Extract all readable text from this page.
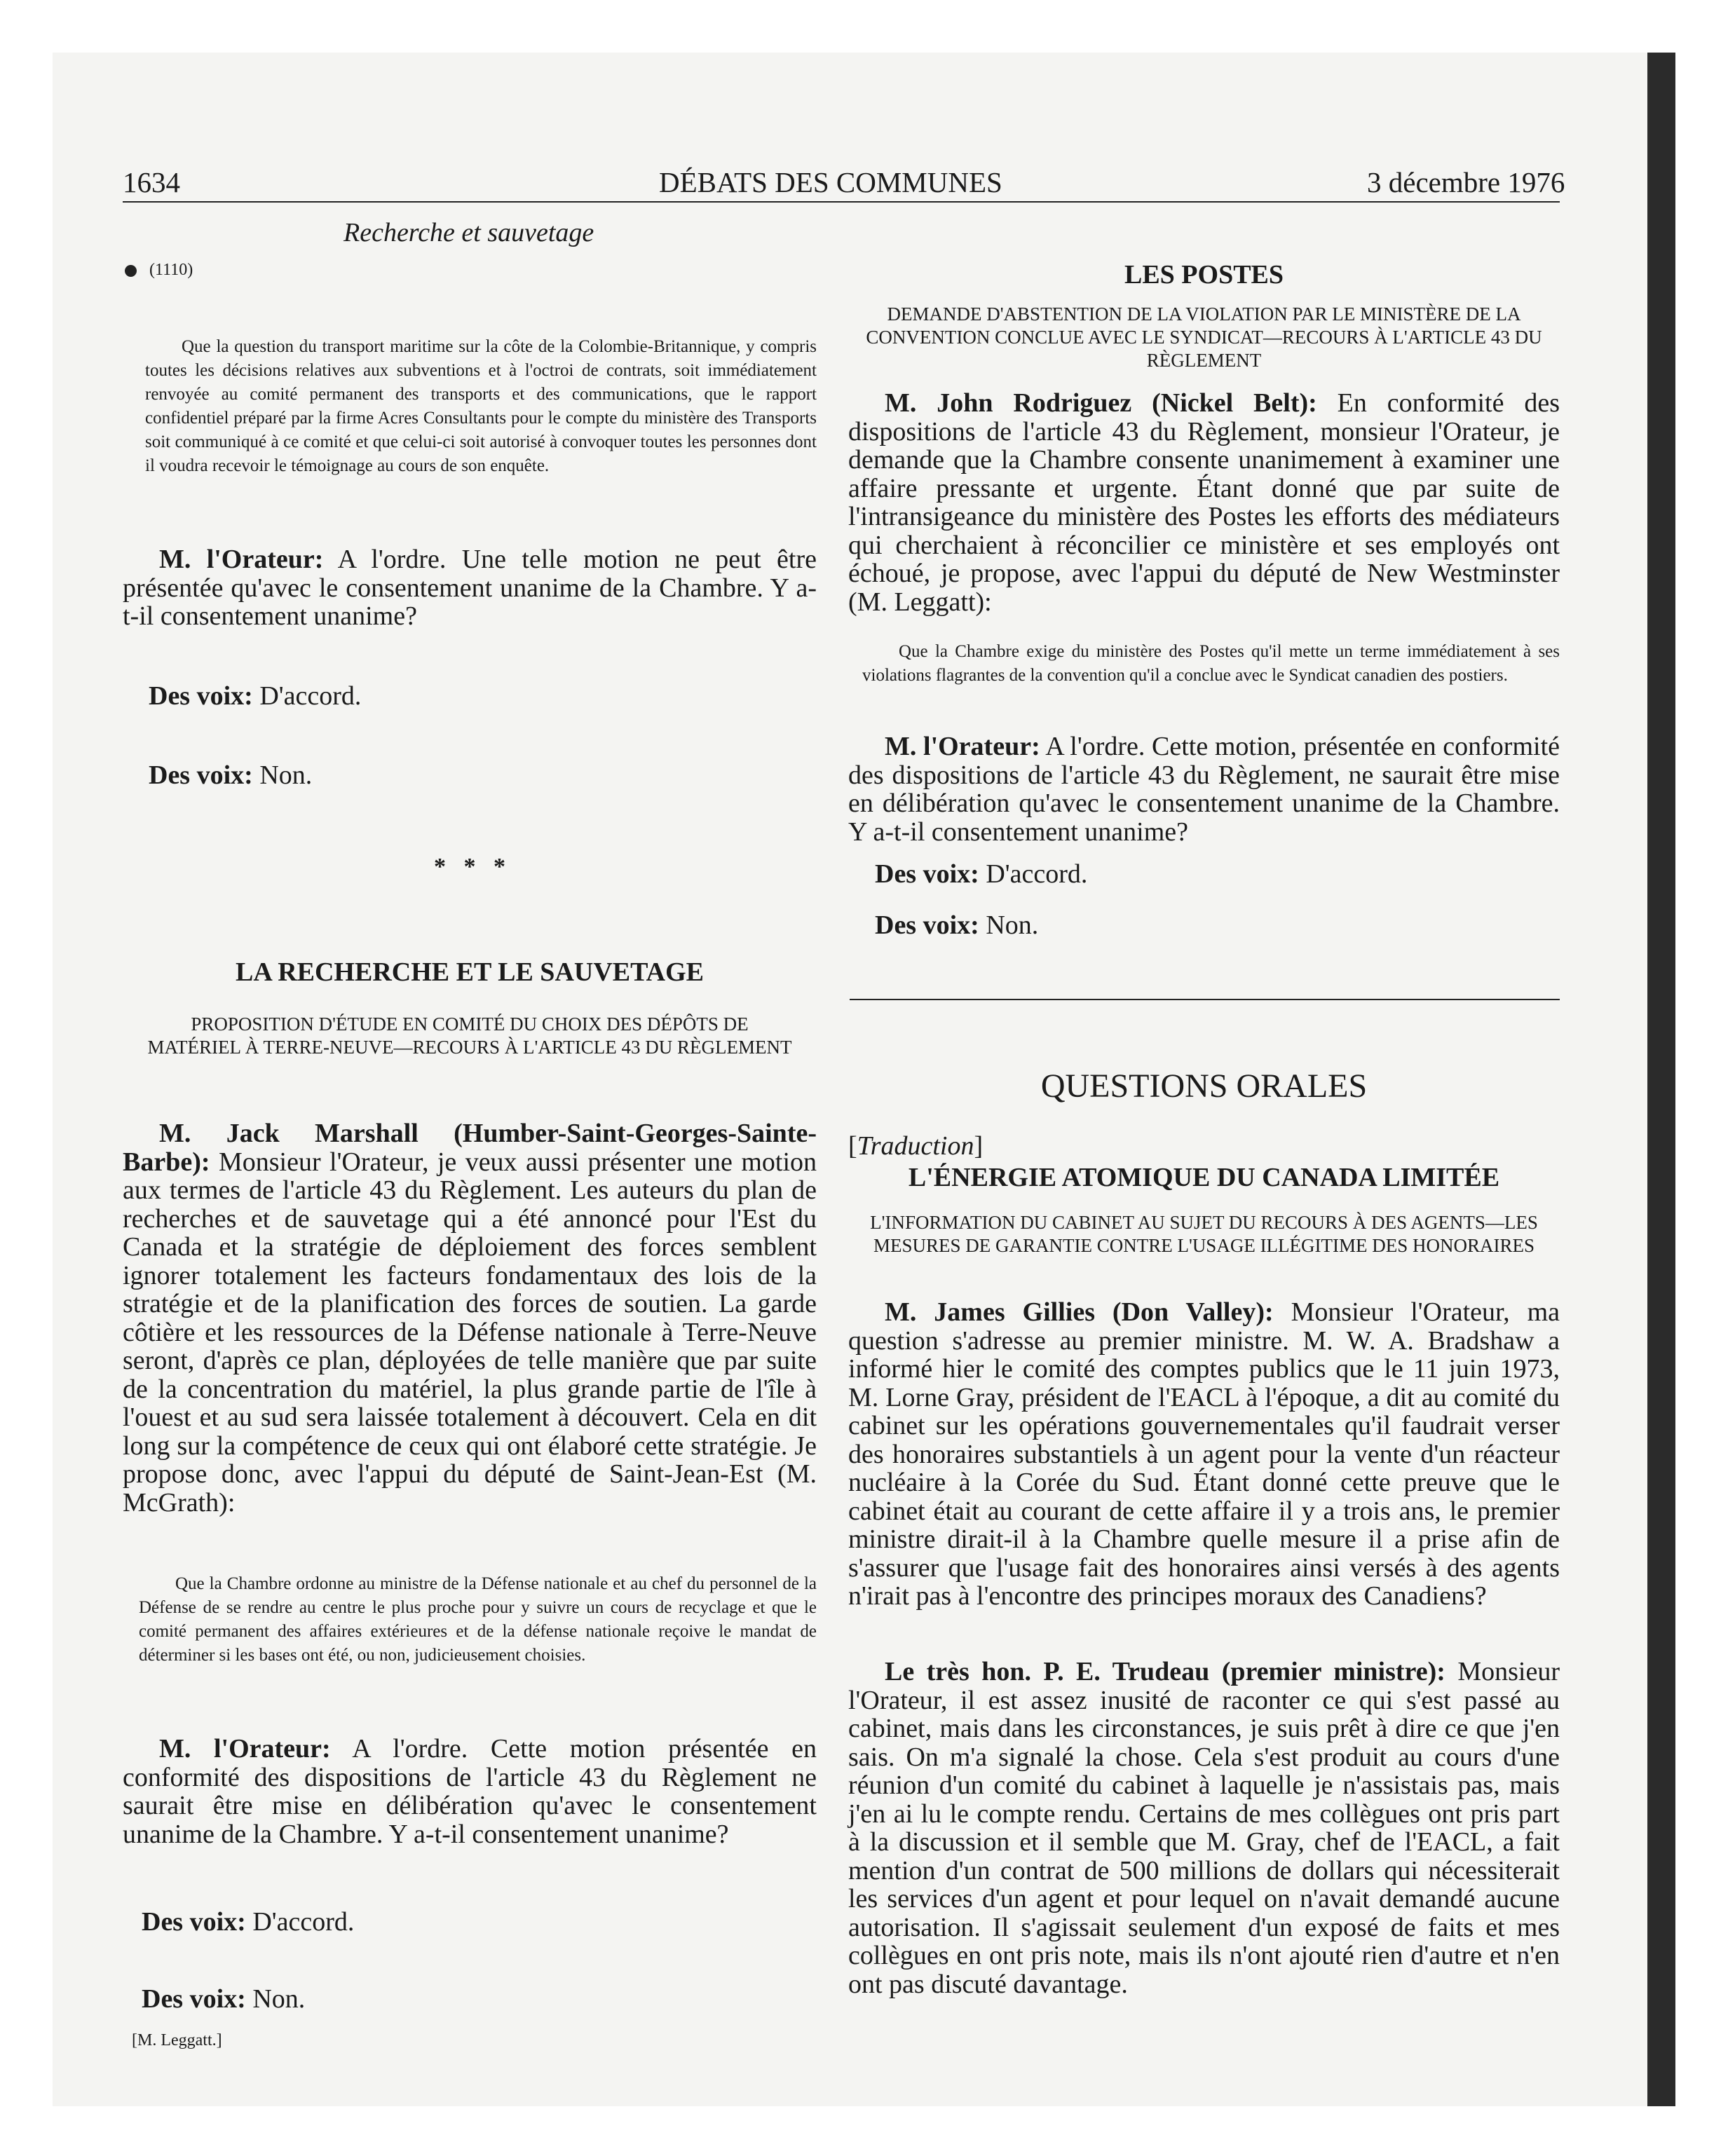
1634	DÉBATS DES COMMUNES	3 décembre 1976
Recherche et sauvetage
(1110)

Que la question du transport maritime sur la côte de la Colombie-Britannique, y compris toutes les décisions relatives aux subventions et à l'octroi de contrats, soit immédiatement renvoyée au comité permanent des transports et des communications, que le rapport confidentiel préparé par la firme Acres Consultants pour le compte du ministère des Transports soit communiqué à ce comité et que celui-ci soit autorisé à convoquer toutes les personnes dont il voudra recevoir le témoignage au cours de son enquête.

M. l'Orateur: A l'ordre. Une telle motion ne peut être présentée qu'avec le consentement unanime de la Chambre. Y a-t-il consentement unanime?

Des voix: D'accord.

Des voix: Non.

*   *   *

LA RECHERCHE ET LE SAUVETAGE

PROPOSITION D'ÉTUDE EN COMITÉ DU CHOIX DES DÉPÔTS DE MATÉRIEL À TERRE-NEUVE—RECOURS À L'ARTICLE 43 DU RÈGLEMENT

M. Jack Marshall (Humber-Saint-Georges-Sainte-Barbe): Monsieur l'Orateur, je veux aussi présenter une motion aux termes de l'article 43 du Règlement. Les auteurs du plan de recherches et de sauvetage qui a été annoncé pour l'Est du Canada et la stratégie de déploiement des forces semblent ignorer totalement les facteurs fondamentaux des lois de la stratégie et de la planification des forces de soutien. La garde côtière et les ressources de la Défense nationale à Terre-Neuve seront, d'après ce plan, déployées de telle manière que par suite de la concentration du matériel, la plus grande partie de l'île à l'ouest et au sud sera laissée totalement à découvert. Cela en dit long sur la compétence de ceux qui ont élaboré cette stratégie. Je propose donc, avec l'appui du député de Saint-Jean-Est (M. McGrath):

Que la Chambre ordonne au ministre de la Défense nationale et au chef du personnel de la Défense de se rendre au centre le plus proche pour y suivre un cours de recyclage et que le comité permanent des affaires extérieures et de la défense nationale reçoive le mandat de déterminer si les bases ont été, ou non, judicieusement choisies.

M. l'Orateur: A l'ordre. Cette motion présentée en conformité des dispositions de l'article 43 du Règlement ne saurait être mise en délibération qu'avec le consentement unanime de la Chambre. Y a-t-il consentement unanime?

Des voix: D'accord.

Des voix: Non.

[M. Leggatt.]

LES POSTES

DEMANDE D'ABSTENTION DE LA VIOLATION PAR LE MINISTÈRE DE LA CONVENTION CONCLUE AVEC LE SYNDICAT—RECOURS À L'ARTICLE 43 DU RÈGLEMENT

M. John Rodriguez (Nickel Belt): En conformité des dispositions de l'article 43 du Règlement, monsieur l'Orateur, je demande que la Chambre consente unanimement à examiner une affaire pressante et urgente. Étant donné que par suite de l'intransigeance du ministère des Postes les efforts des médiateurs qui cherchaient à réconcilier ce ministère et ses employés ont échoué, je propose, avec l'appui du député de New Westminster (M. Leggatt):

Que la Chambre exige du ministère des Postes qu'il mette un terme immédiatement à ses violations flagrantes de la convention qu'il a conclue avec le Syndicat canadien des postiers.

M. l'Orateur: A l'ordre. Cette motion, présentée en conformité des dispositions de l'article 43 du Règlement, ne saurait être mise en délibération qu'avec le consentement unanime de la Chambre. Y a-t-il consentement unanime?

Des voix: D'accord.

Des voix: Non.

QUESTIONS ORALES

[Traduction]

L'ÉNERGIE ATOMIQUE DU CANADA LIMITÉE

L'INFORMATION DU CABINET AU SUJET DU RECOURS À DES AGENTS—LES MESURES DE GARANTIE CONTRE L'USAGE ILLÉGITIME DES HONORAIRES

M. James Gillies (Don Valley): Monsieur l'Orateur, ma question s'adresse au premier ministre. M. W. A. Bradshaw a informé hier le comité des comptes publics que le 11 juin 1973, M. Lorne Gray, président de l'EACL à l'époque, a dit au comité du cabinet sur les opérations gouvernementales qu'il faudrait verser des honoraires substantiels à un agent pour la vente d'un réacteur nucléaire à la Corée du Sud. Étant donné cette preuve que le cabinet était au courant de cette affaire il y a trois ans, le premier ministre dirait-il à la Chambre quelle mesure il a prise afin de s'assurer que l'usage fait des honoraires ainsi versés à des agents n'irait pas à l'encontre des principes moraux des Canadiens?

Le très hon. P. E. Trudeau (premier ministre): Monsieur l'Orateur, il est assez inusité de raconter ce qui s'est passé au cabinet, mais dans les circonstances, je suis prêt à dire ce que j'en sais. On m'a signalé la chose. Cela s'est produit au cours d'une réunion d'un comité du cabinet à laquelle je n'assistais pas, mais j'en ai lu le compte rendu. Certains de mes collègues ont pris part à la discussion et il semble que M. Gray, chef de l'EACL, a fait mention d'un contrat de 500 millions de dollars qui nécessiterait les services d'un agent et pour lequel on n'avait demandé aucune autorisation. Il s'agissait seulement d'un exposé de faits et mes collègues en ont pris note, mais ils n'ont ajouté rien d'autre et n'en ont pas discuté davantage.
